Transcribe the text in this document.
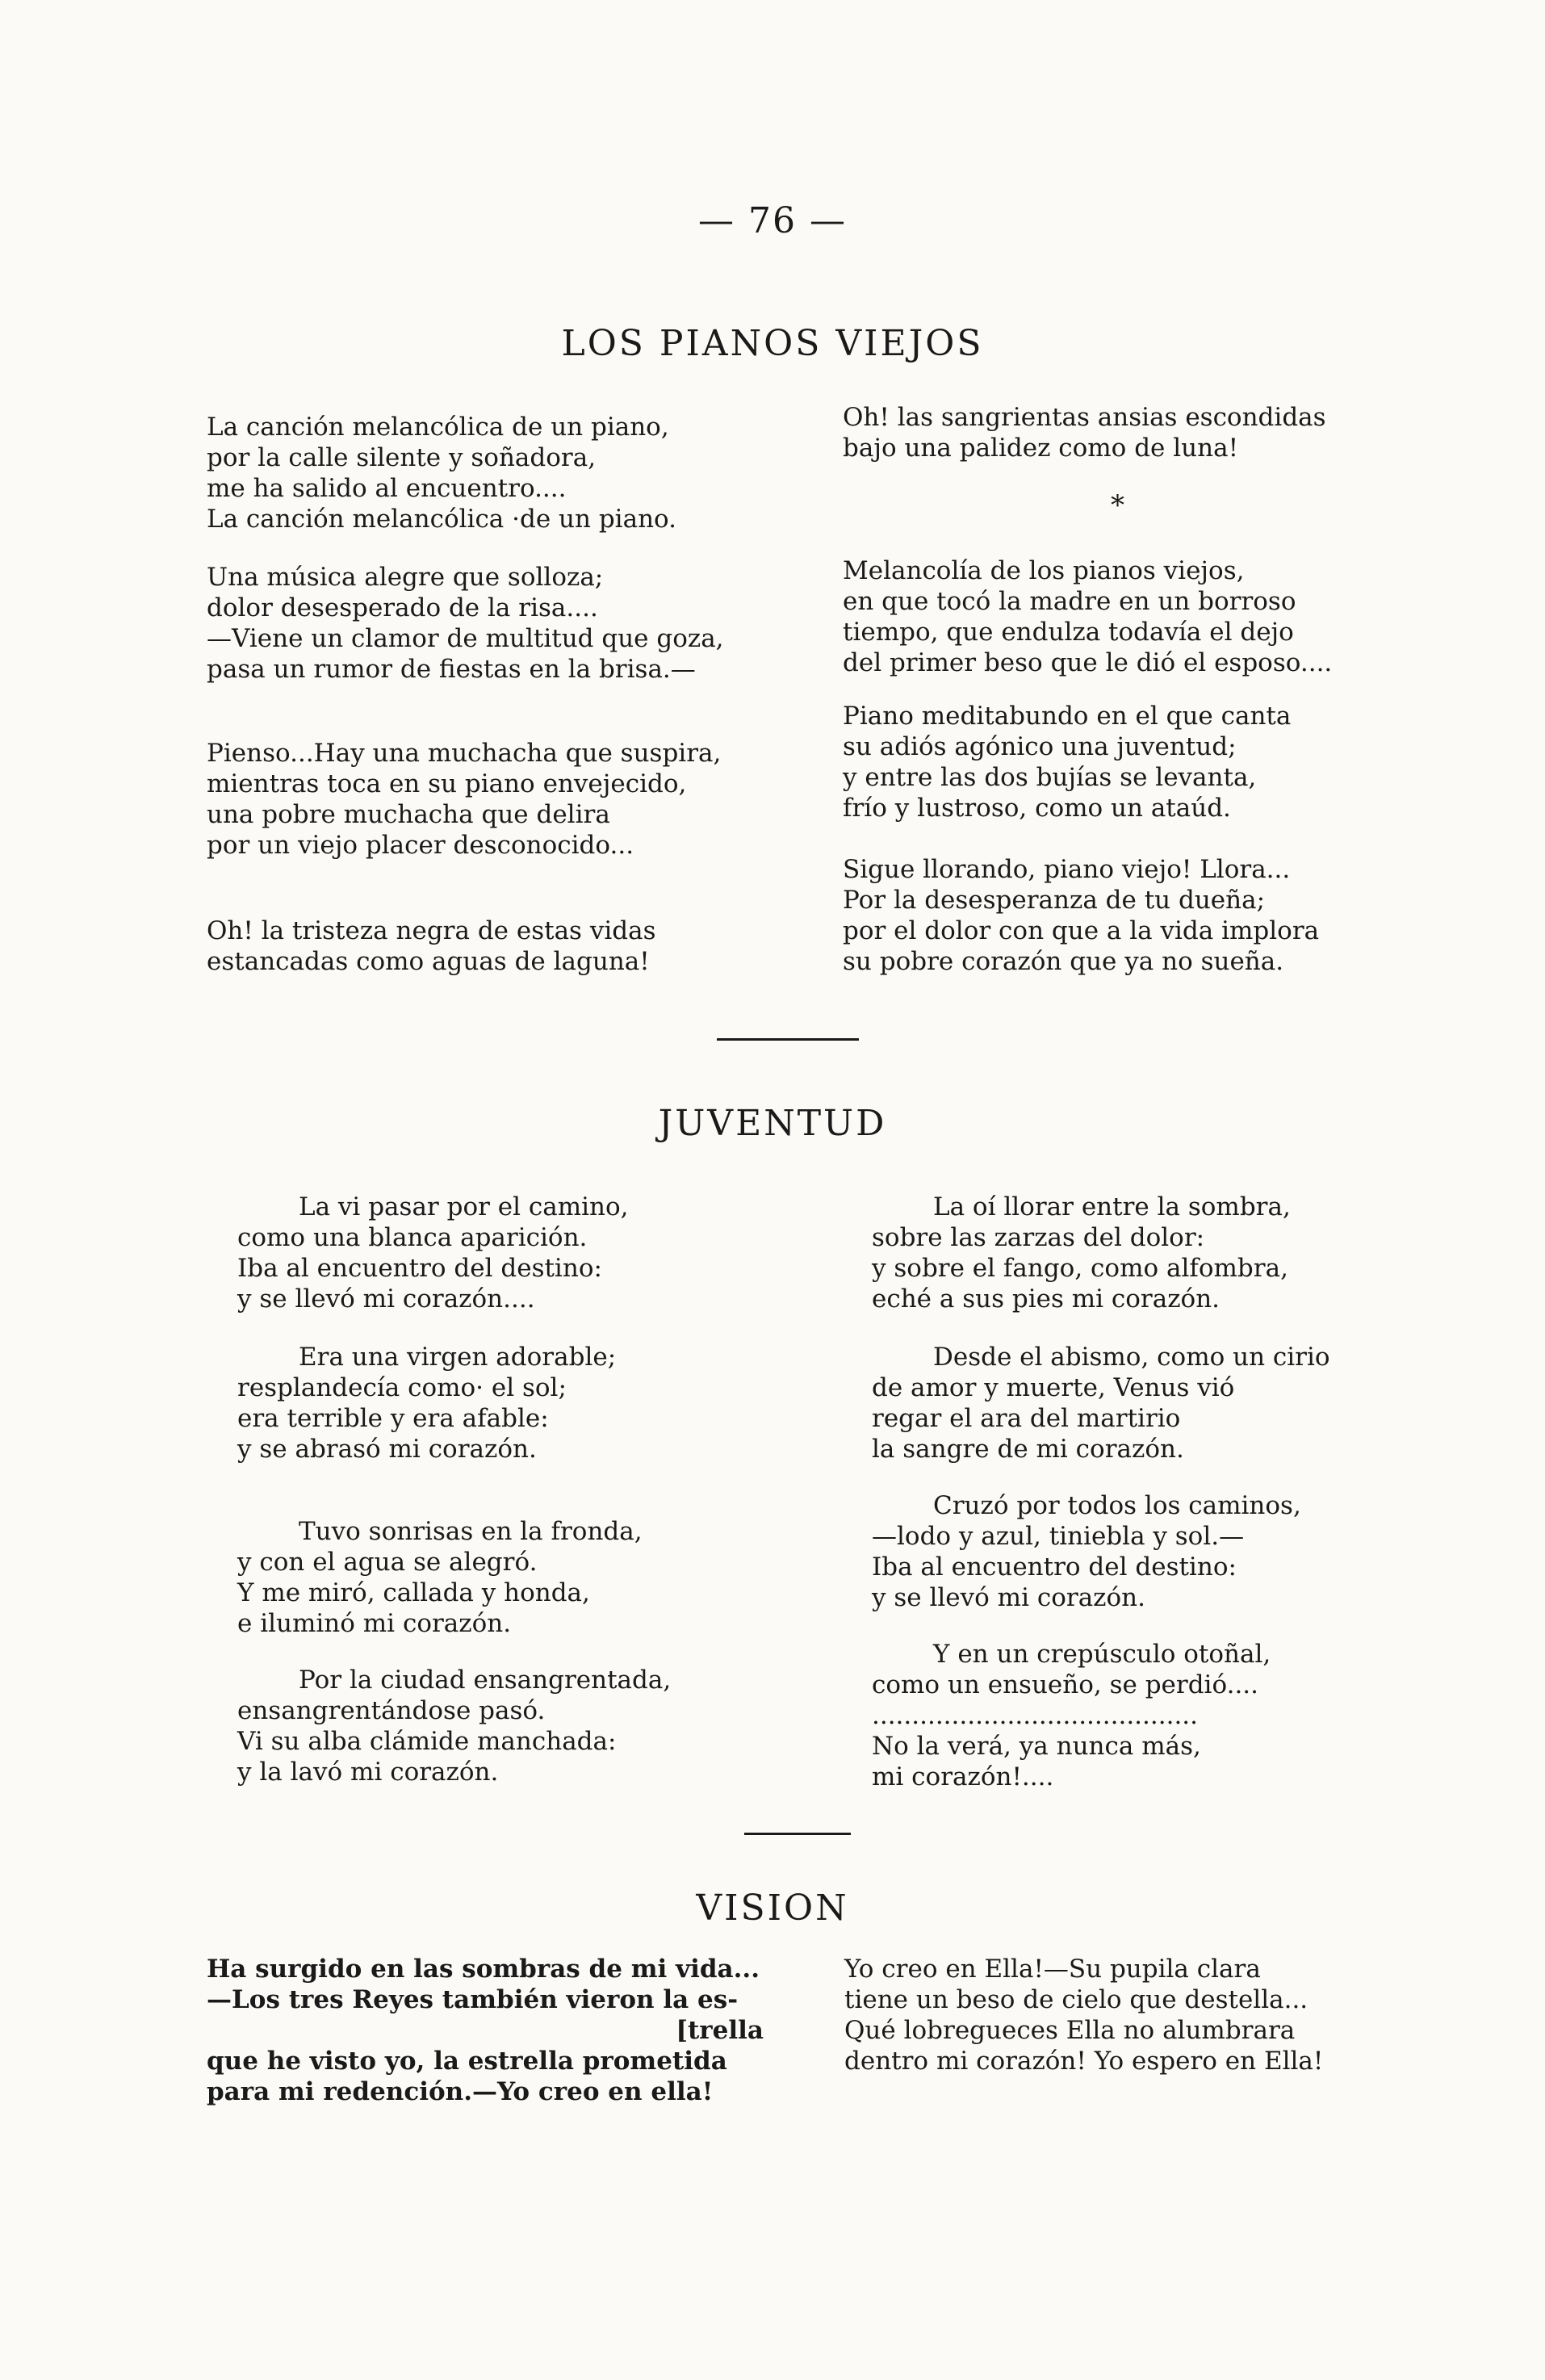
— 76 —
LOS PIANOS VIEJOS

La canción melancólica de un piano,

por la calle silente y soñadora,

me ha salido al encuentro....

La canción melancólica ·de un piano.

Una música alegre que solloza;

dolor desesperado de la risa....

—Viene un clamor de multitud que goza,

pasa un rumor de fiestas en la brisa.—

Pienso...Hay una muchacha que suspira,

mientras toca en su piano envejecido,

una pobre muchacha que delira

por un viejo placer desconocido...

Oh! la tristeza negra de estas vidas

estancadas como aguas de laguna!

Oh! las sangrientas ansias escondidas

bajo una palidez como de luna!

Melancolía de los pianos viejos,

en que tocó la madre en un borroso

tiempo, que endulza todavía el dejo

del primer beso que le dió el esposo....

Piano meditabundo en el que canta

su adiós agónico una juventud;

y entre las dos bujías se levanta,

frío y lustroso, como un ataúd.

Sigue llorando, piano viejo! Llora...

Por la desesperanza de tu dueña;

por el dolor con que a la vida implora

su pobre corazón que ya no sueña.

*
JUVENTUD

La vi pasar por el camino,

como una blanca aparición.

Iba al encuentro del destino:

y se llevó mi corazón....

Era una virgen adorable;

resplandecía como· el sol;

era terrible y era afable:

y se abrasó mi corazón.

Tuvo sonrisas en la fronda,

y con el agua se alegró.

Y me miró, callada y honda,

e iluminó mi corazón.

Por la ciudad ensangrentada,

ensangrentándose pasó.

Vi su alba clámide manchada:

y la lavó mi corazón.

La oí llorar entre la sombra,

sobre las zarzas del dolor:

y sobre el fango, como alfombra,

eché a sus pies mi corazón.

Desde el abismo, como un cirio

de amor y muerte, Venus vió

regar el ara del martirio

la sangre de mi corazón.

Cruzó por todos los caminos,

—lodo y azul, tiniebla y sol.—

Iba al encuentro del destino:

y se llevó mi corazón.

Y en un crepúsculo otoñal,

como un ensueño, se perdió....

.........................................

No la verá, ya nunca más,

mi corazón!....

VISION

Ha surgido en las sombras de mi vida...

—Los tres Reyes también vieron la es-

[trella

que he visto yo, la estrella prometida

para mi redención.—Yo creo en ella!

Yo creo en Ella!—Su pupila clara

tiene un beso de cielo que destella...

Qué lobregueces Ella no alumbrara

dentro mi corazón! Yo espero en Ella!
